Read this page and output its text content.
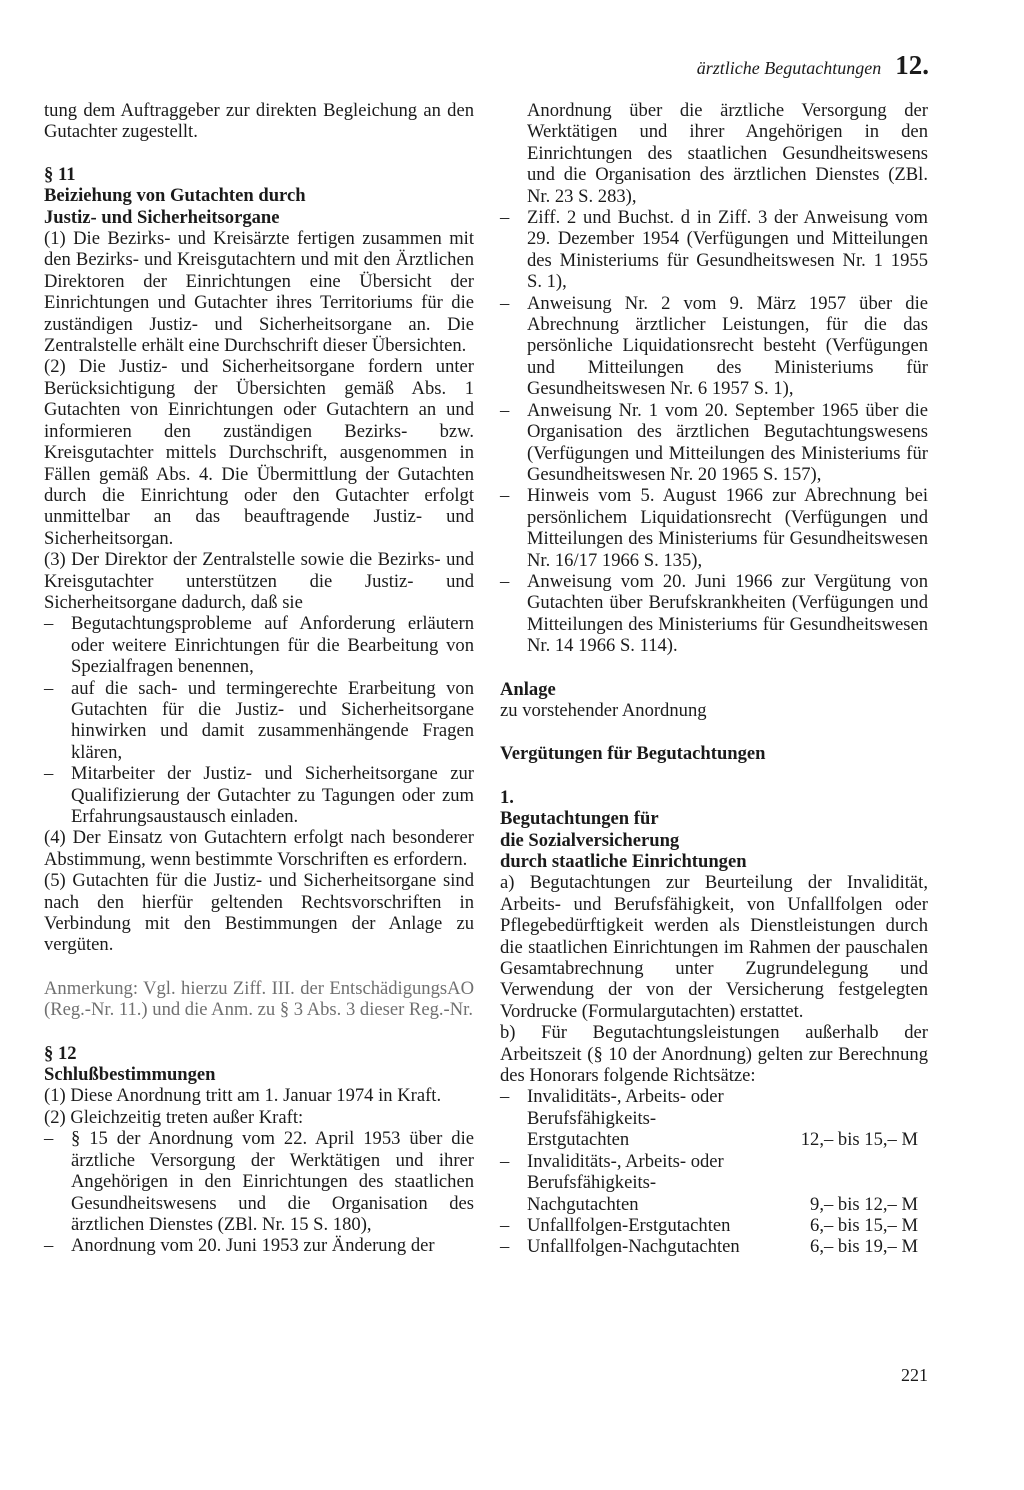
ärztliche Begutachtungen 12.

tung dem Auftraggeber zur direkten Begleichung an den Gutachter zugestellt.

§ 11

Beiziehung von Gutachten durch

Justiz- und Sicherheitsorgane

(1) Die Bezirks- und Kreisärzte fertigen zusammen mit den Bezirks- und Kreisgutachtern und mit den Ärztlichen Direktoren der Einrichtungen eine Übersicht der Einrichtungen und Gutachter ihres Territoriums für die zuständigen Justiz- und Sicherheitsorgane an. Die Zentralstelle erhält eine Durchschrift dieser Übersichten.

(2) Die Justiz- und Sicherheitsorgane fordern unter Berücksichtigung der Übersichten gemäß Abs. 1 Gutachten von Einrichtungen oder Gutachtern an und informieren den zuständigen Bezirks- bzw. Kreisgutachter mittels Durchschrift, ausgenommen in Fällen gemäß Abs. 4. Die Übermittlung der Gutachten durch die Einrichtung oder den Gutachter erfolgt unmittelbar an das beauftragende Justiz- und Sicherheitsorgan.

(3) Der Direktor der Zentralstelle sowie die Bezirks- und Kreisgutachter unterstützen die Justiz- und Sicherheitsorgane dadurch, daß sie

– Begutachtungsprobleme auf Anforderung erläutern oder weitere Einrichtungen für die Bearbeitung von Spezialfragen benennen,
– auf die sach- und termingerechte Erarbeitung von Gutachten für die Justiz- und Sicherheitsorgane hinwirken und damit zusammenhängende Fragen klären,
– Mitarbeiter der Justiz- und Sicherheitsorgane zur Qualifizierung der Gutachter zu Tagungen oder zum Erfahrungsaustausch einladen.

(4) Der Einsatz von Gutachtern erfolgt nach besonderer Abstimmung, wenn bestimmte Vorschriften es erfordern.

(5) Gutachten für die Justiz- und Sicherheitsorgane sind nach den hierfür geltenden Rechtsvorschriften in Verbindung mit den Bestimmungen der Anlage zu vergüten.

Anmerkung: Vgl. hierzu Ziff. III. der EntschädigungsAO (Reg.-Nr. 11.) und die Anm. zu § 3 Abs. 3 dieser Reg.-Nr.

§ 12

Schlußbestimmungen

(1) Diese Anordnung tritt am 1. Januar 1974 in Kraft.

(2) Gleichzeitig treten außer Kraft:

– § 15 der Anordnung vom 22. April 1953 über die ärztliche Versorgung der Werktätigen und ihrer Angehörigen in den Einrichtungen des staatlichen Gesundheitswesens und die Organisation des ärztlichen Dienstes (ZBl. Nr. 15 S. 180),
– Anordnung vom 20. Juni 1953 zur Änderung der
Anordnung über die ärztliche Versorgung der Werktätigen und ihrer Angehörigen in den Einrichtungen des staatlichen Gesundheitswesens und die Organisation des ärztlichen Dienstes (ZBl. Nr. 23 S. 283),
– Ziff. 2 und Buchst. d in Ziff. 3 der Anweisung vom 29. Dezember 1954 (Verfügungen und Mitteilungen des Ministeriums für Gesundheitswesen Nr. 1 1955 S. 1),
– Anweisung Nr. 2 vom 9. März 1957 über die Abrechnung ärztlicher Leistungen, für die das persönliche Liquidationsrecht besteht (Verfügungen und Mitteilungen des Ministeriums für Gesundheitswesen Nr. 6 1957 S. 1),
– Anweisung Nr. 1 vom 20. September 1965 über die Organisation des ärztlichen Begutachtungswesens (Verfügungen und Mitteilungen des Ministeriums für Gesundheitswesen Nr. 20 1965 S. 157),
– Hinweis vom 5. August 1966 zur Abrechnung bei persönlichem Liquidationsrecht (Verfügungen und Mitteilungen des Ministeriums für Gesundheitswesen Nr. 16/17 1966 S. 135),
– Anweisung vom 20. Juni 1966 zur Vergütung von Gutachten über Berufskrankheiten (Verfügungen und Mitteilungen des Ministeriums für Gesundheitswesen Nr. 14 1966 S. 114).

Anlage

zu vorstehender Anordnung

Vergütungen für Begutachtungen

1.

Begutachtungen für

die Sozialversicherung

durch staatliche Einrichtungen

a) Begutachtungen zur Beurteilung der Invalidität, Arbeits- und Berufsfähigkeit, von Unfallfolgen oder Pflegebedürftigkeit werden als Dienstleistungen durch die staatlichen Einrichtungen im Rahmen der pauschalen Gesamtabrechnung unter Zugrundelegung und Verwendung der von der Versicherung festgelegten Vordrucke (Formulargutachten) erstattet.

b) Für Begutachtungsleistungen außerhalb der Arbeitszeit (§ 10 der Anordnung) gelten zur Berechnung des Honorars folgende Richtsätze:

– Invaliditäts-, Arbeits- oder Berufsfähigkeits-Erstgutachten	12,– bis 15,– M
– Invaliditäts-, Arbeits- oder Berufsfähigkeits-Nachgutachten	9,– bis 12,– M
– Unfallfolgen-Erstgutachten	6,– bis 15,– M
– Unfallfolgen-Nachgutachten	6,– bis 19,– M
221
